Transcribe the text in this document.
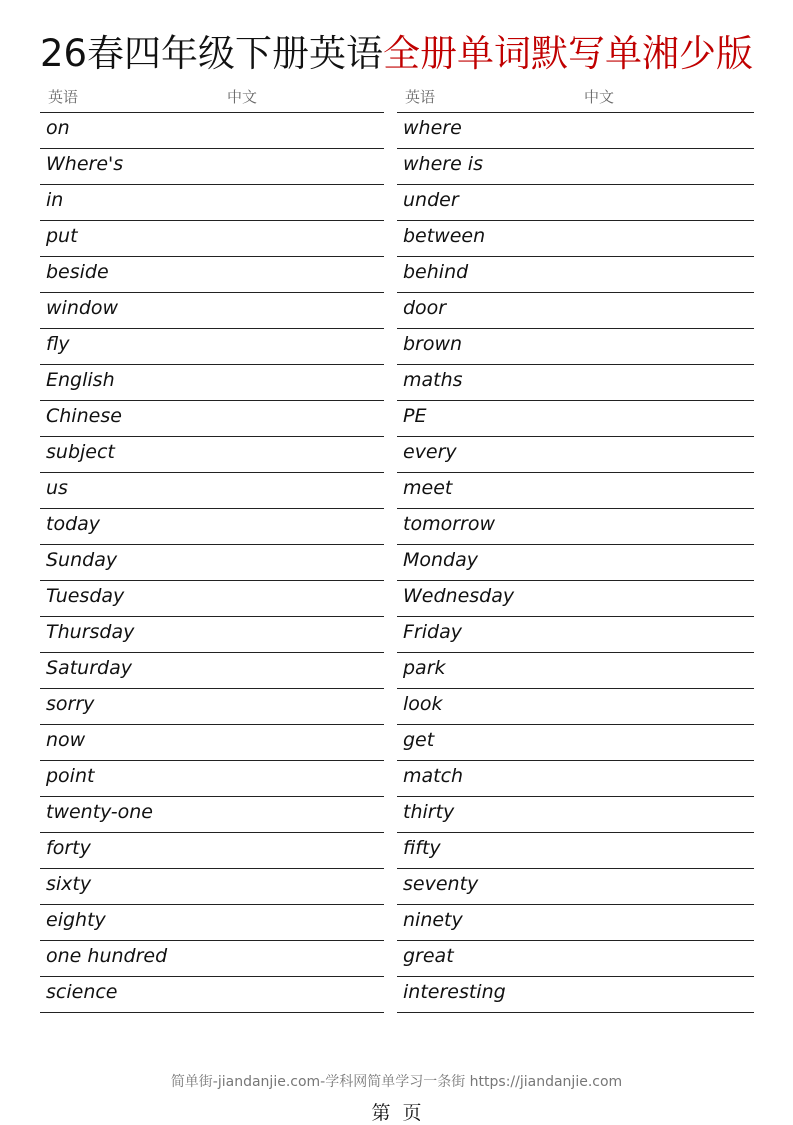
26春四年级下册英语全册单词默写单湘少版
英语	中文
on
Where's
in
put
beside
window
fly
English
Chinese
subject
us
today
Sunday
Tuesday
Thursday
Saturday
sorry
now
point
twenty-one
forty
sixty
eighty
one hundred
science
英语	中文
where
where is
under
between
behind
door
brown
maths
PE
every
meet
tomorrow
Monday
Wednesday
Friday
park
look
get
match
thirty
fifty
seventy
ninety
great
interesting
简单街-jiandanjie.com-学科网简单学习一条街 https://jiandanjie.com
第 页
